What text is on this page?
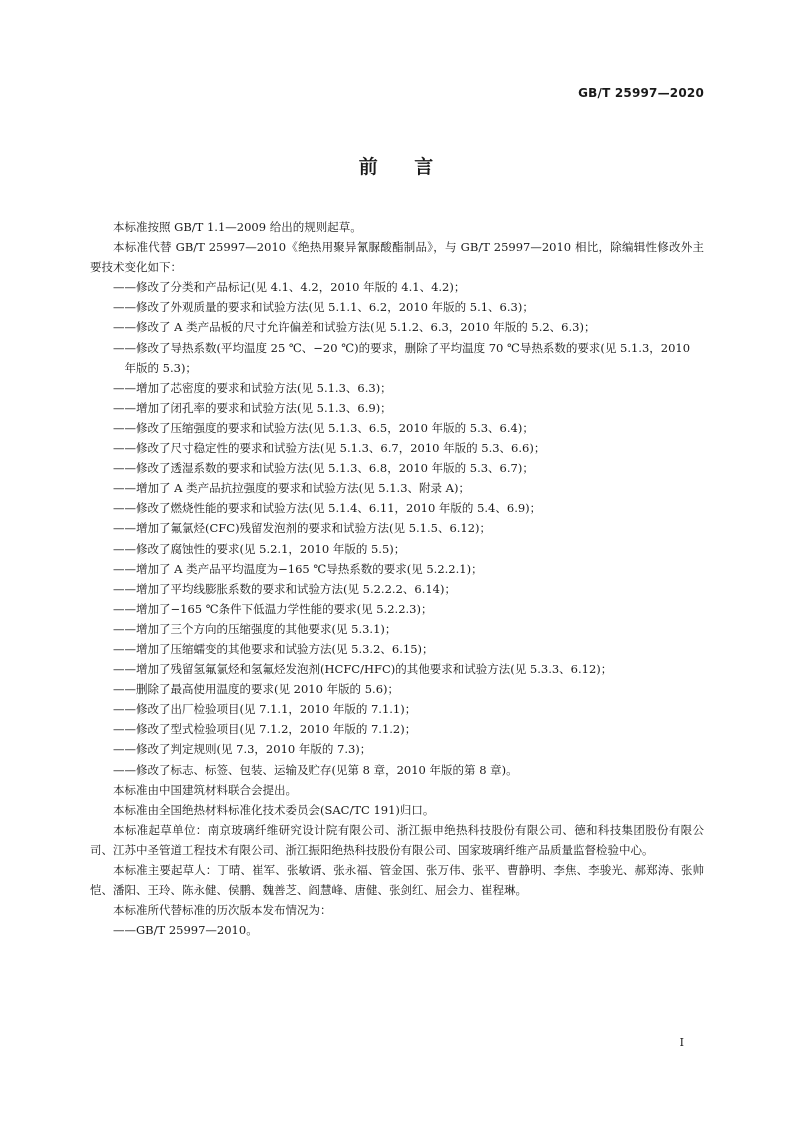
GB/T 25997—2020
前    言

本标准按照 GB/T 1.1—2009 给出的规则起草。

本标准代替 GB/T 25997—2010《绝热用聚异氰脲酸酯制品》，与 GB/T 25997—2010 相比，除编辑性修改外主要技术变化如下：

——修改了分类和产品标记(见 4.1、4.2，2010 年版的 4.1、4.2)；

——修改了外观质量的要求和试验方法(见 5.1.1、6.2，2010 年版的 5.1、6.3)；

——修改了 A 类产品板的尺寸允许偏差和试验方法(见 5.1.2、6.3，2010 年版的 5.2、6.3)；

——修改了导热系数(平均温度 25 ℃、−20 ℃)的要求，删除了平均温度 70 ℃导热系数的要求(见 5.1.3，2010 年版的 5.3)；

——增加了芯密度的要求和试验方法(见 5.1.3、6.3)；

——增加了闭孔率的要求和试验方法(见 5.1.3、6.9)；

——修改了压缩强度的要求和试验方法(见 5.1.3、6.5，2010 年版的 5.3、6.4)；

——修改了尺寸稳定性的要求和试验方法(见 5.1.3、6.7，2010 年版的 5.3、6.6)；

——修改了透湿系数的要求和试验方法(见 5.1.3、6.8，2010 年版的 5.3、6.7)；

——增加了 A 类产品抗拉强度的要求和试验方法(见 5.1.3、附录 A)；

——修改了燃烧性能的要求和试验方法(见 5.1.4、6.11，2010 年版的 5.4、6.9)；

——增加了氟氯烃(CFC)残留发泡剂的要求和试验方法(见 5.1.5、6.12)；

——修改了腐蚀性的要求(见 5.2.1，2010 年版的 5.5)；

——增加了 A 类产品平均温度为−165 ℃导热系数的要求(见 5.2.2.1)；

——增加了平均线膨胀系数的要求和试验方法(见 5.2.2.2、6.14)；

——增加了−165 ℃条件下低温力学性能的要求(见 5.2.2.3)；

——增加了三个方向的压缩强度的其他要求(见 5.3.1)；

——增加了压缩蠕变的其他要求和试验方法(见 5.3.2、6.15)；

——增加了残留氢氟氯烃和氢氟烃发泡剂(HCFC/HFC)的其他要求和试验方法(见 5.3.3、6.12)；

——删除了最高使用温度的要求(见 2010 年版的 5.6)；

——修改了出厂检验项目(见 7.1.1，2010 年版的 7.1.1)；

——修改了型式检验项目(见 7.1.2，2010 年版的 7.1.2)；

——修改了判定规则(见 7.3，2010 年版的 7.3)；

——修改了标志、标签、包装、运输及贮存(见第 8 章，2010 年版的第 8 章)。

本标准由中国建筑材料联合会提出。

本标准由全国绝热材料标准化技术委员会(SAC/TC 191)归口。

本标准起草单位：南京玻璃纤维研究设计院有限公司、浙江振申绝热科技股份有限公司、德和科技集团股份有限公司、江苏中圣管道工程技术有限公司、浙江振阳绝热科技股份有限公司、国家玻璃纤维产品质量监督检验中心。

本标准主要起草人：丁晴、崔军、张敏谞、张永福、管金国、张万伟、张平、曹静明、李焦、李骏光、郝郑涛、张帅恺、潘阳、王玲、陈永健、侯鹏、魏善芝、阎慧峰、唐健、张剑红、屈会力、崔程琳。

本标准所代替标准的历次版本发布情况为：

——GB/T 25997—2010。

I
